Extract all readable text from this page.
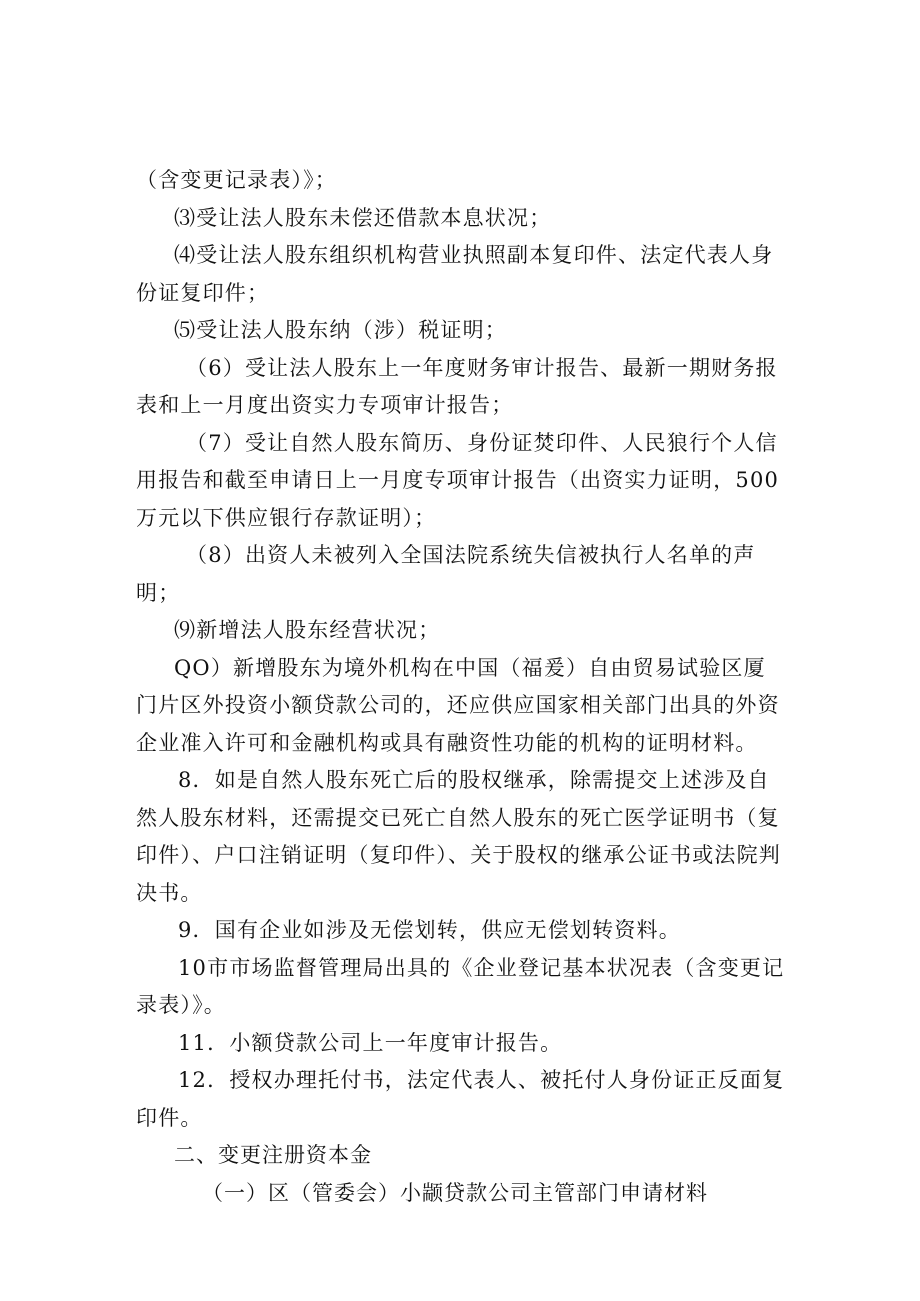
（含变更记录表）》；

⑶受让法人股东未偿还借款本息状况；

⑷受让法人股东组织机构营业执照副本复印件、法定代表人身份证复印件；

⑸受让法人股东纳（涉）税证明；

（6）受让法人股东上一年度财务审计报告、最新一期财务报表和上一月度出资实力专项审计报告；

（7）受让自然人股东简历、身份证焚印件、人民狼行个人信用报告和截至申请日上一月度专项审计报告（出资实力证明，500万元以下供应银行存款证明）；

（8）出资人未被列入全国法院系统失信被执行人名单的声明；

⑼新增法人股东经营状况；

QO）新增股东为境外机构在中国（福爰）自由贸易试验区厦门片区外投资小额贷款公司的，还应供应国家相关部门出具的外资企业准入许可和金融机构或具有融资性功能的机构的证明材料。

8．如是自然人股东死亡后的股权继承，除需提交上述涉及自然人股东材料，还需提交已死亡自然人股东的死亡医学证明书（复印件）、户口注销证明（复印件）、关于股权的继承公证书或法院判决书。

9．国有企业如涉及无偿划转，供应无偿划转资料。

10市市场监督管理局出具的《企业登记基本状况表（含变更记录表）》。

11．小额贷款公司上一年度审计报告。

12．授权办理托付书，法定代表人、被托付人身份证正反面复印件。

二、变更注册资本金

（一）区（管委会）小颛贷款公司主管部门申请材料
